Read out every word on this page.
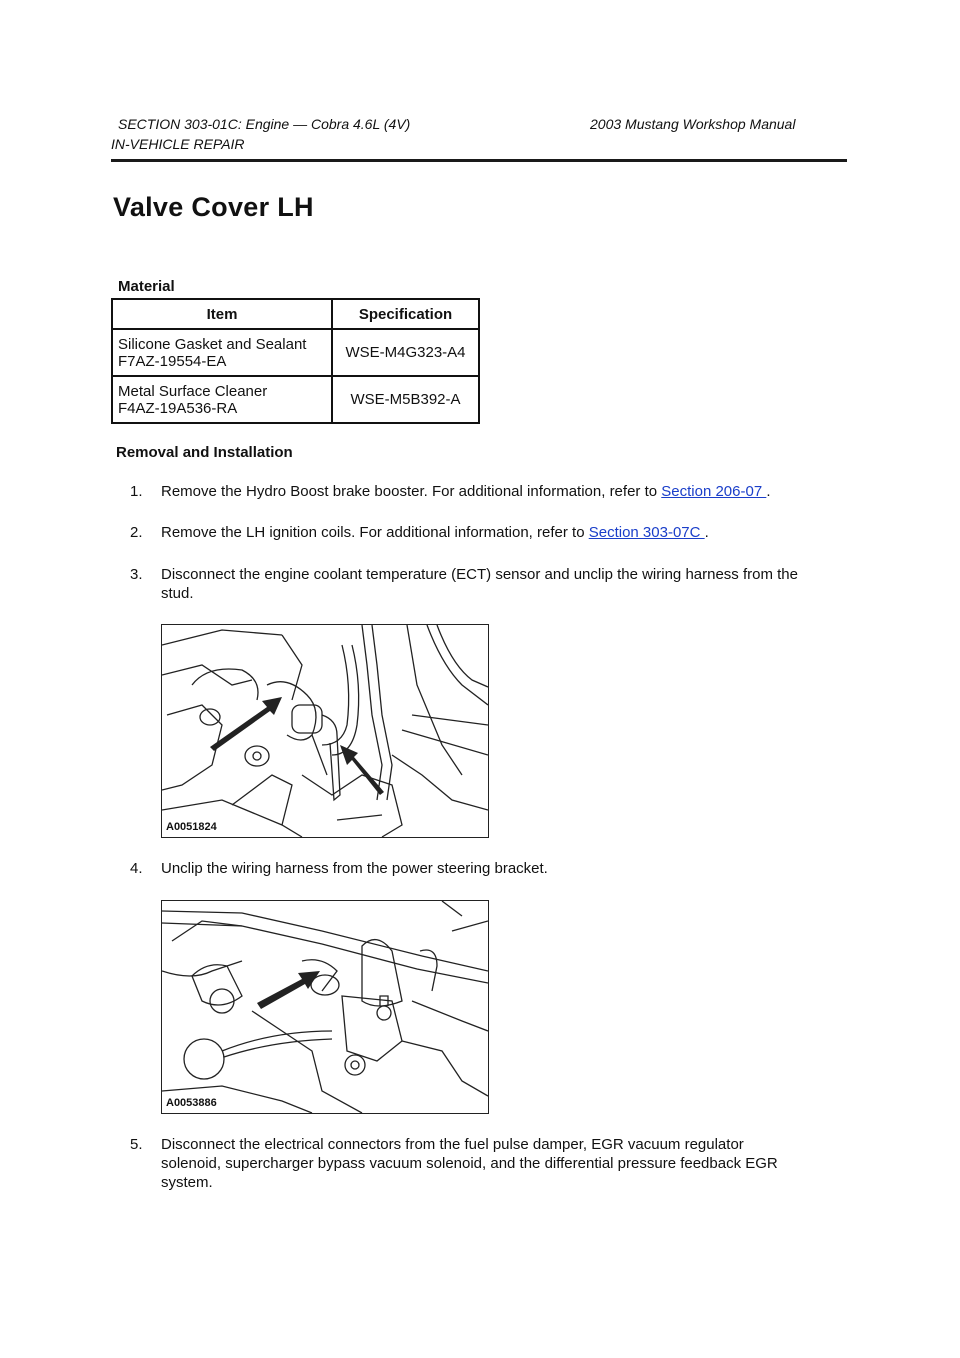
SECTION 303-01C: Engine — Cobra 4.6L (4V)	2003 Mustang Workshop Manual
IN-VEHICLE REPAIR
Valve Cover LH
Material
Item	Specification

Silicone Gasket and Sealant
F7AZ-19554-EA	WSE-M4G323-A4

Metal Surface Cleaner
F4AZ-19A536-RA	WSE-M5B392-A
Removal and Installation
1. Remove the Hydro Boost brake booster. For additional information, refer to Section 206-07 .
2. Remove the LH ignition coils. For additional information, refer to Section 303-07C .
3. Disconnect the engine coolant temperature (ECT) sensor and unclip the wiring harness from the
stud.
A0051824
4. Unclip the wiring harness from the power steering bracket.
A0053886
5. Disconnect the electrical connectors from the fuel pulse damper, EGR vacuum regulator
solenoid, supercharger bypass vacuum solenoid, and the differential pressure feedback EGR
system.
